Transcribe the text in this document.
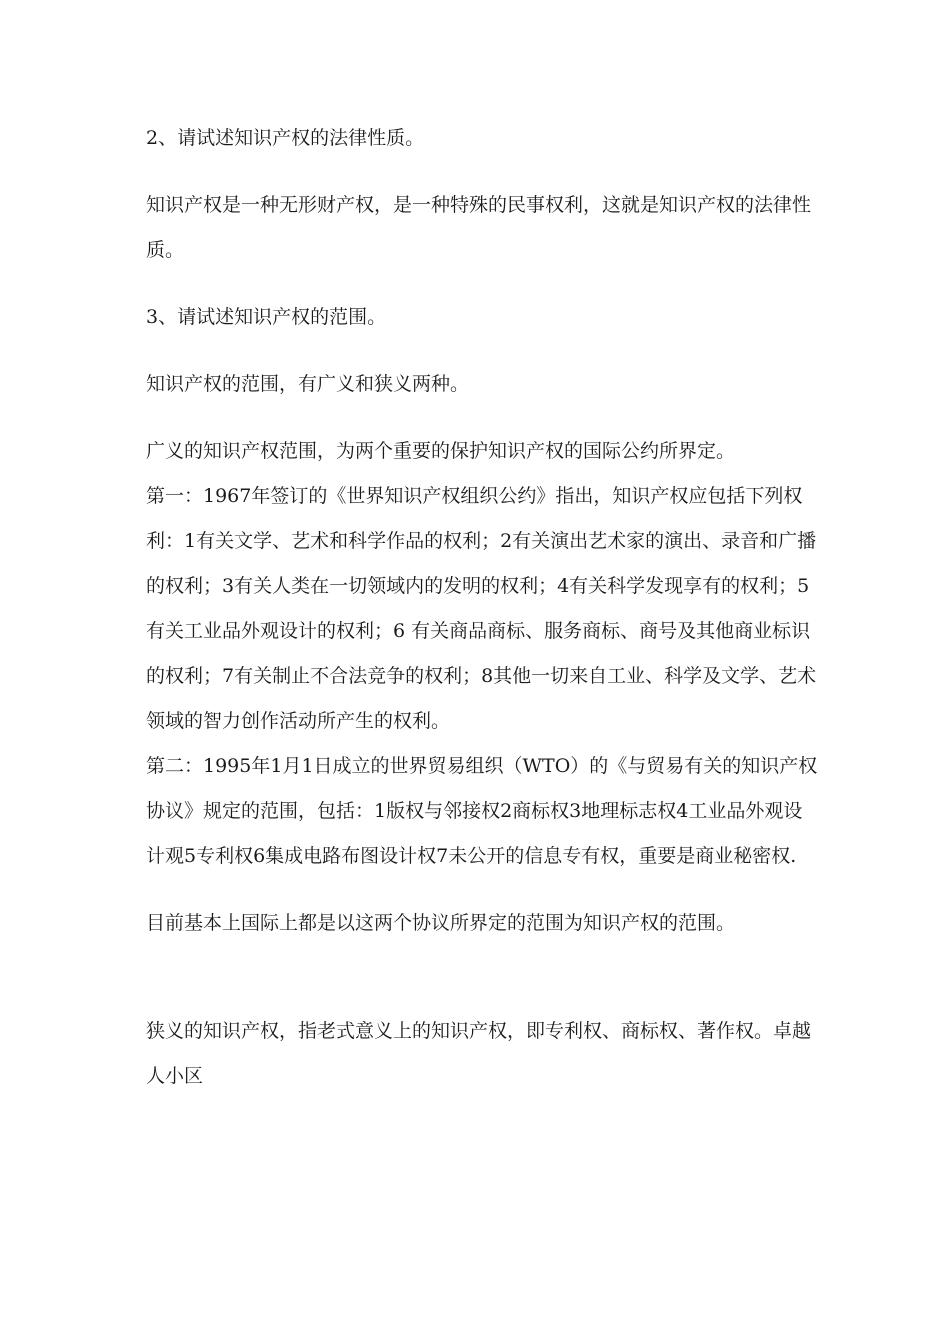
2、请试述知识产权的法律性质。

知识产权是一种无形财产权，是一种特殊的民事权利，这就是知识产权的法律性质。

3、请试述知识产权的范围。

知识产权的范围，有广义和狭义两种。

广义的知识产权范围，为两个重要的保护知识产权的国际公约所界定。

第一：1967年签订的《世界知识产权组织公约》指出，知识产权应包括下列权利：1有关文学、艺术和科学作品的权利；2有关演出艺术家的演出、录音和广播的权利；3有关人类在一切领域内的发明的权利；4有关科学发现享有的权利；5有关工业品外观设计的权利；6 有关商品商标、服务商标、商号及其他商业标识的权利；7有关制止不合法竞争的权利；8其他一切来自工业、科学及文学、艺术领域的智力创作活动所产生的权利。

第二：1995年1月1日成立的世界贸易组织（WTO）的《与贸易有关的知识产权协议》规定的范围，包括：1版权与邻接权2商标权3地理标志权4工业品外观设计观5专利权6集成电路布图设计权7未公开的信息专有权，重要是商业秘密权.

目前基本上国际上都是以这两个协议所界定的范围为知识产权的范围。

狭义的知识产权，指老式意义上的知识产权，即专利权、商标权、著作权。卓越人小区
